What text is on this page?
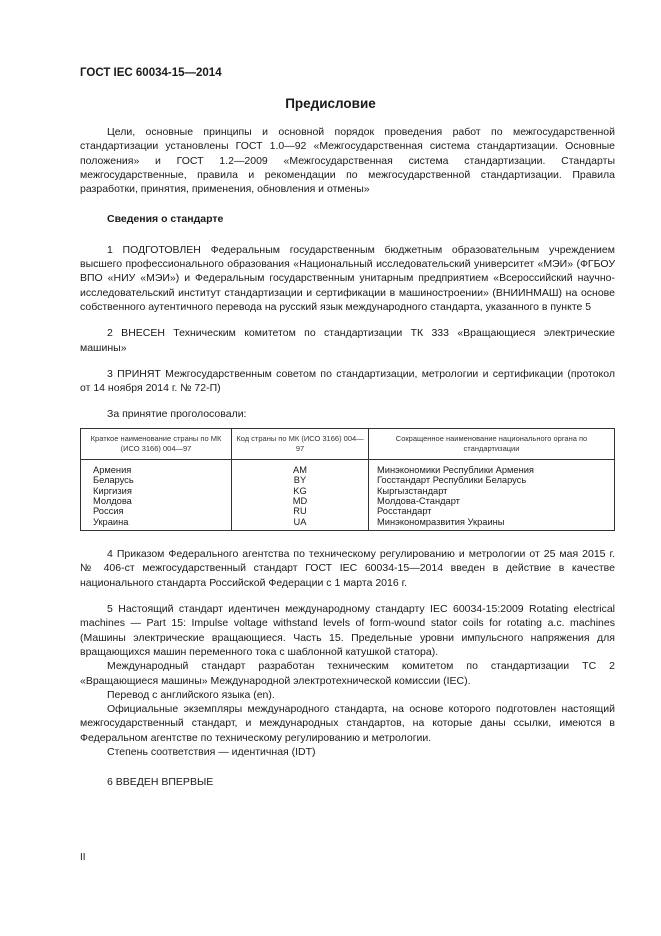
ГОСТ IEC 60034-15—2014
Предисловие

Цели, основные принципы и основной порядок проведения работ по межгосударственной стандартизации установлены ГОСТ 1.0—92 «Межгосударственная система стандартизации. Основные положения» и ГОСТ 1.2—2009 «Межгосударственная система стандартизации. Стандарты межгосударственные, правила и рекомендации по межгосударственной стандартизации. Правила разработки, принятия, применения, обновления и отмены»

Сведения о стандарте

1 ПОДГОТОВЛЕН Федеральным государственным бюджетным образовательным учреждением высшего профессионального образования «Национальный исследовательский университет «МЭИ» (ФГБОУ ВПО «НИУ «МЭИ») и Федеральным государственным унитарным предприятием «Всероссийский научно-исследовательский институт стандартизации и сертификации в машиностроении» (ВНИИНМАШ) на основе собственного аутентичного перевода на русский язык международного стандарта, указанного в пункте 5

2 ВНЕСЕН Техническим комитетом по стандартизации ТК 333 «Вращающиеся электрические машины»

3 ПРИНЯТ Межгосударственным советом по стандартизации, метрологии и сертификации (протокол от 14 ноября 2014 г. № 72-П)

За принятие проголосовали:

Краткое наименование страны по МК (ИСО 3166) 004—97	Код страны по МК (ИСО 3166) 004—97	Сокращенное наименование национального органа по стандартизации
Армения	AM	Минэкономики Республики Армения
Беларусь	BY	Госстандарт Республики Беларусь
Киргизия	KG	Кыргызстандарт
Молдова	MD	Молдова-Стандарт
Россия	RU	Росстандарт
Украина	UA	Минэкономразвития Украины

4 Приказом Федерального агентства по техническому регулированию и метрологии от 25 мая 2015 г. № 406-ст межгосударственный стандарт ГОСТ IEC 60034-15—2014 введен в действие в качестве национального стандарта Российской Федерации с 1 марта 2016 г.

5 Настоящий стандарт идентичен международному стандарту IEC 60034-15:2009 Rotating electrical machines — Part 15: Impulse voltage withstand levels of form-wound stator coils for rotating a.c. machines (Машины электрические вращающиеся. Часть 15. Предельные уровни импульсного напряжения для вращающихся машин переменного тока с шаблонной катушкой статора).

Международный стандарт разработан техническим комитетом по стандартизации ТС 2 «Вращающиеся машины» Международной электротехнической комиссии (IEC).

Перевод с английского языка (en).

Официальные экземпляры международного стандарта, на основе которого подготовлен настоящий межгосударственный стандарт, и международных стандартов, на которые даны ссылки, имеются в Федеральном агентстве по техническому регулированию и метрологии.

Степень соответствия — идентичная (IDT)

6 ВВЕДЕН ВПЕРВЫЕ

II
